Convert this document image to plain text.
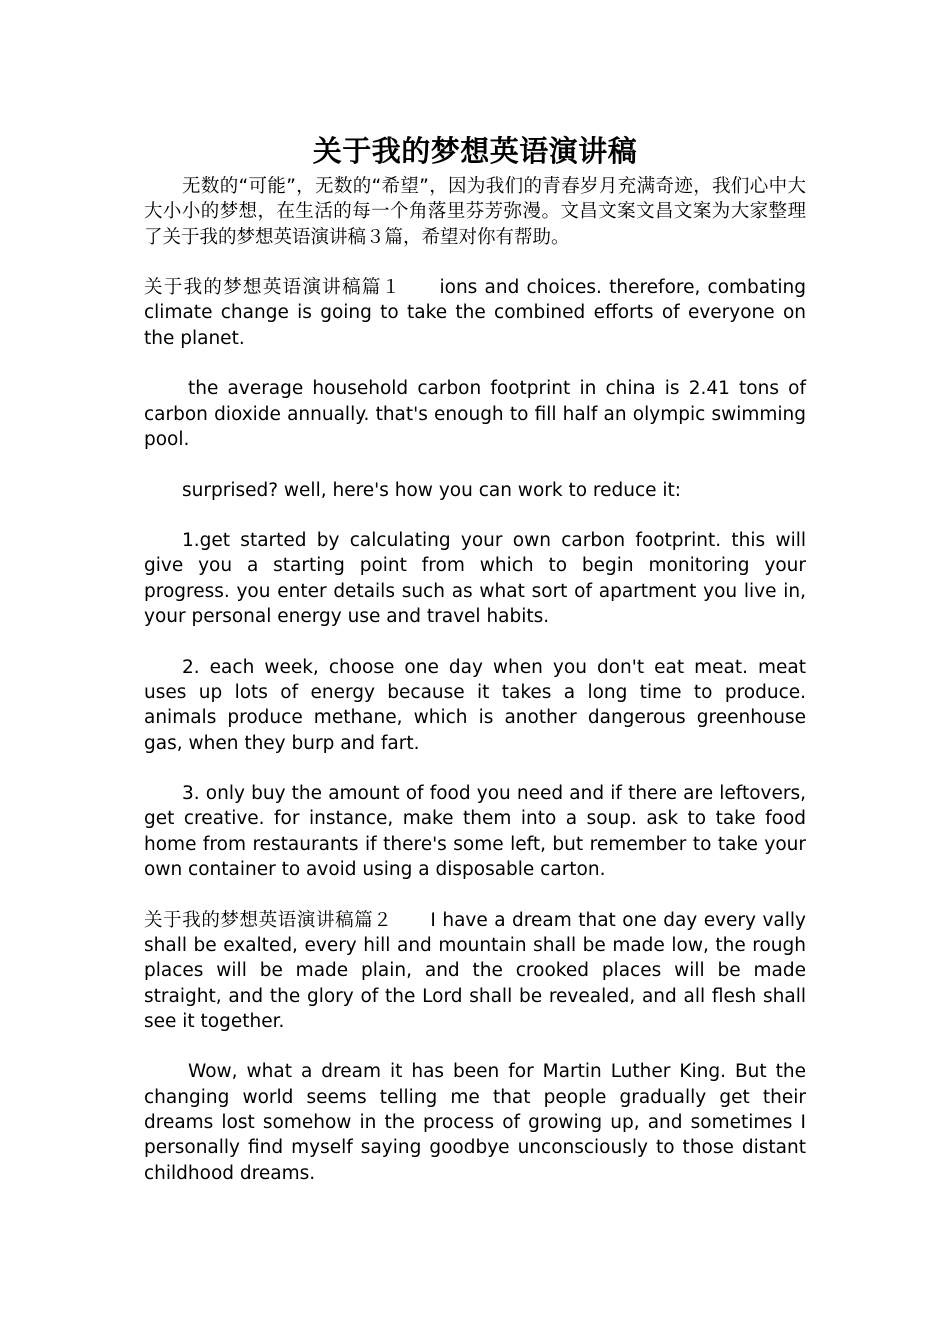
关于我的梦想英语演讲稿

无数的“可能”，无数的“希望”，因为我们的青春岁月充满奇迹，我们心中大大小小的梦想，在生活的每一个角落里芬芳弥漫。文昌文案文昌文案为大家整理了关于我的梦想英语演讲稿３篇，希望对你有帮助。

关于我的梦想英语演讲稿篇１ ions and choices. therefore, combating climate change is going to take the combined efforts of everyone on the planet.

the average household carbon footprint in china is 2.41 tons of carbon dioxide annually. that's enough to fill half an olympic swimming pool.

surprised? well, here's how you can work to reduce it:

1.get started by calculating your own carbon footprint. this will give you a starting point from which to begin monitoring your progress. you enter details such as what sort of apartment you live in, your personal energy use and travel habits.

2. each week, choose one day when you don't eat meat. meat uses up lots of energy because it takes a long time to produce. animals produce methane, which is another dangerous greenhouse gas, when they burp and fart.

3. only buy the amount of food you need and if there are leftovers, get creative. for instance, make them into a soup. ask to take food home from restaurants if there's some left, but remember to take your own container to avoid using a disposable carton.

关于我的梦想英语演讲稿篇２ I have a dream that one day every vally shall be exalted, every hill and mountain shall be made low, the rough places will be made plain, and the crooked places will be made straight, and the glory of the Lord shall be revealed, and all flesh shall see it together.

Wow, what a dream it has been for Martin Luther King. But the changing world seems telling me that people gradually get their dreams lost somehow in the process of growing up, and sometimes I personally find myself saying goodbye unconsciously to those distant childhood dreams.
